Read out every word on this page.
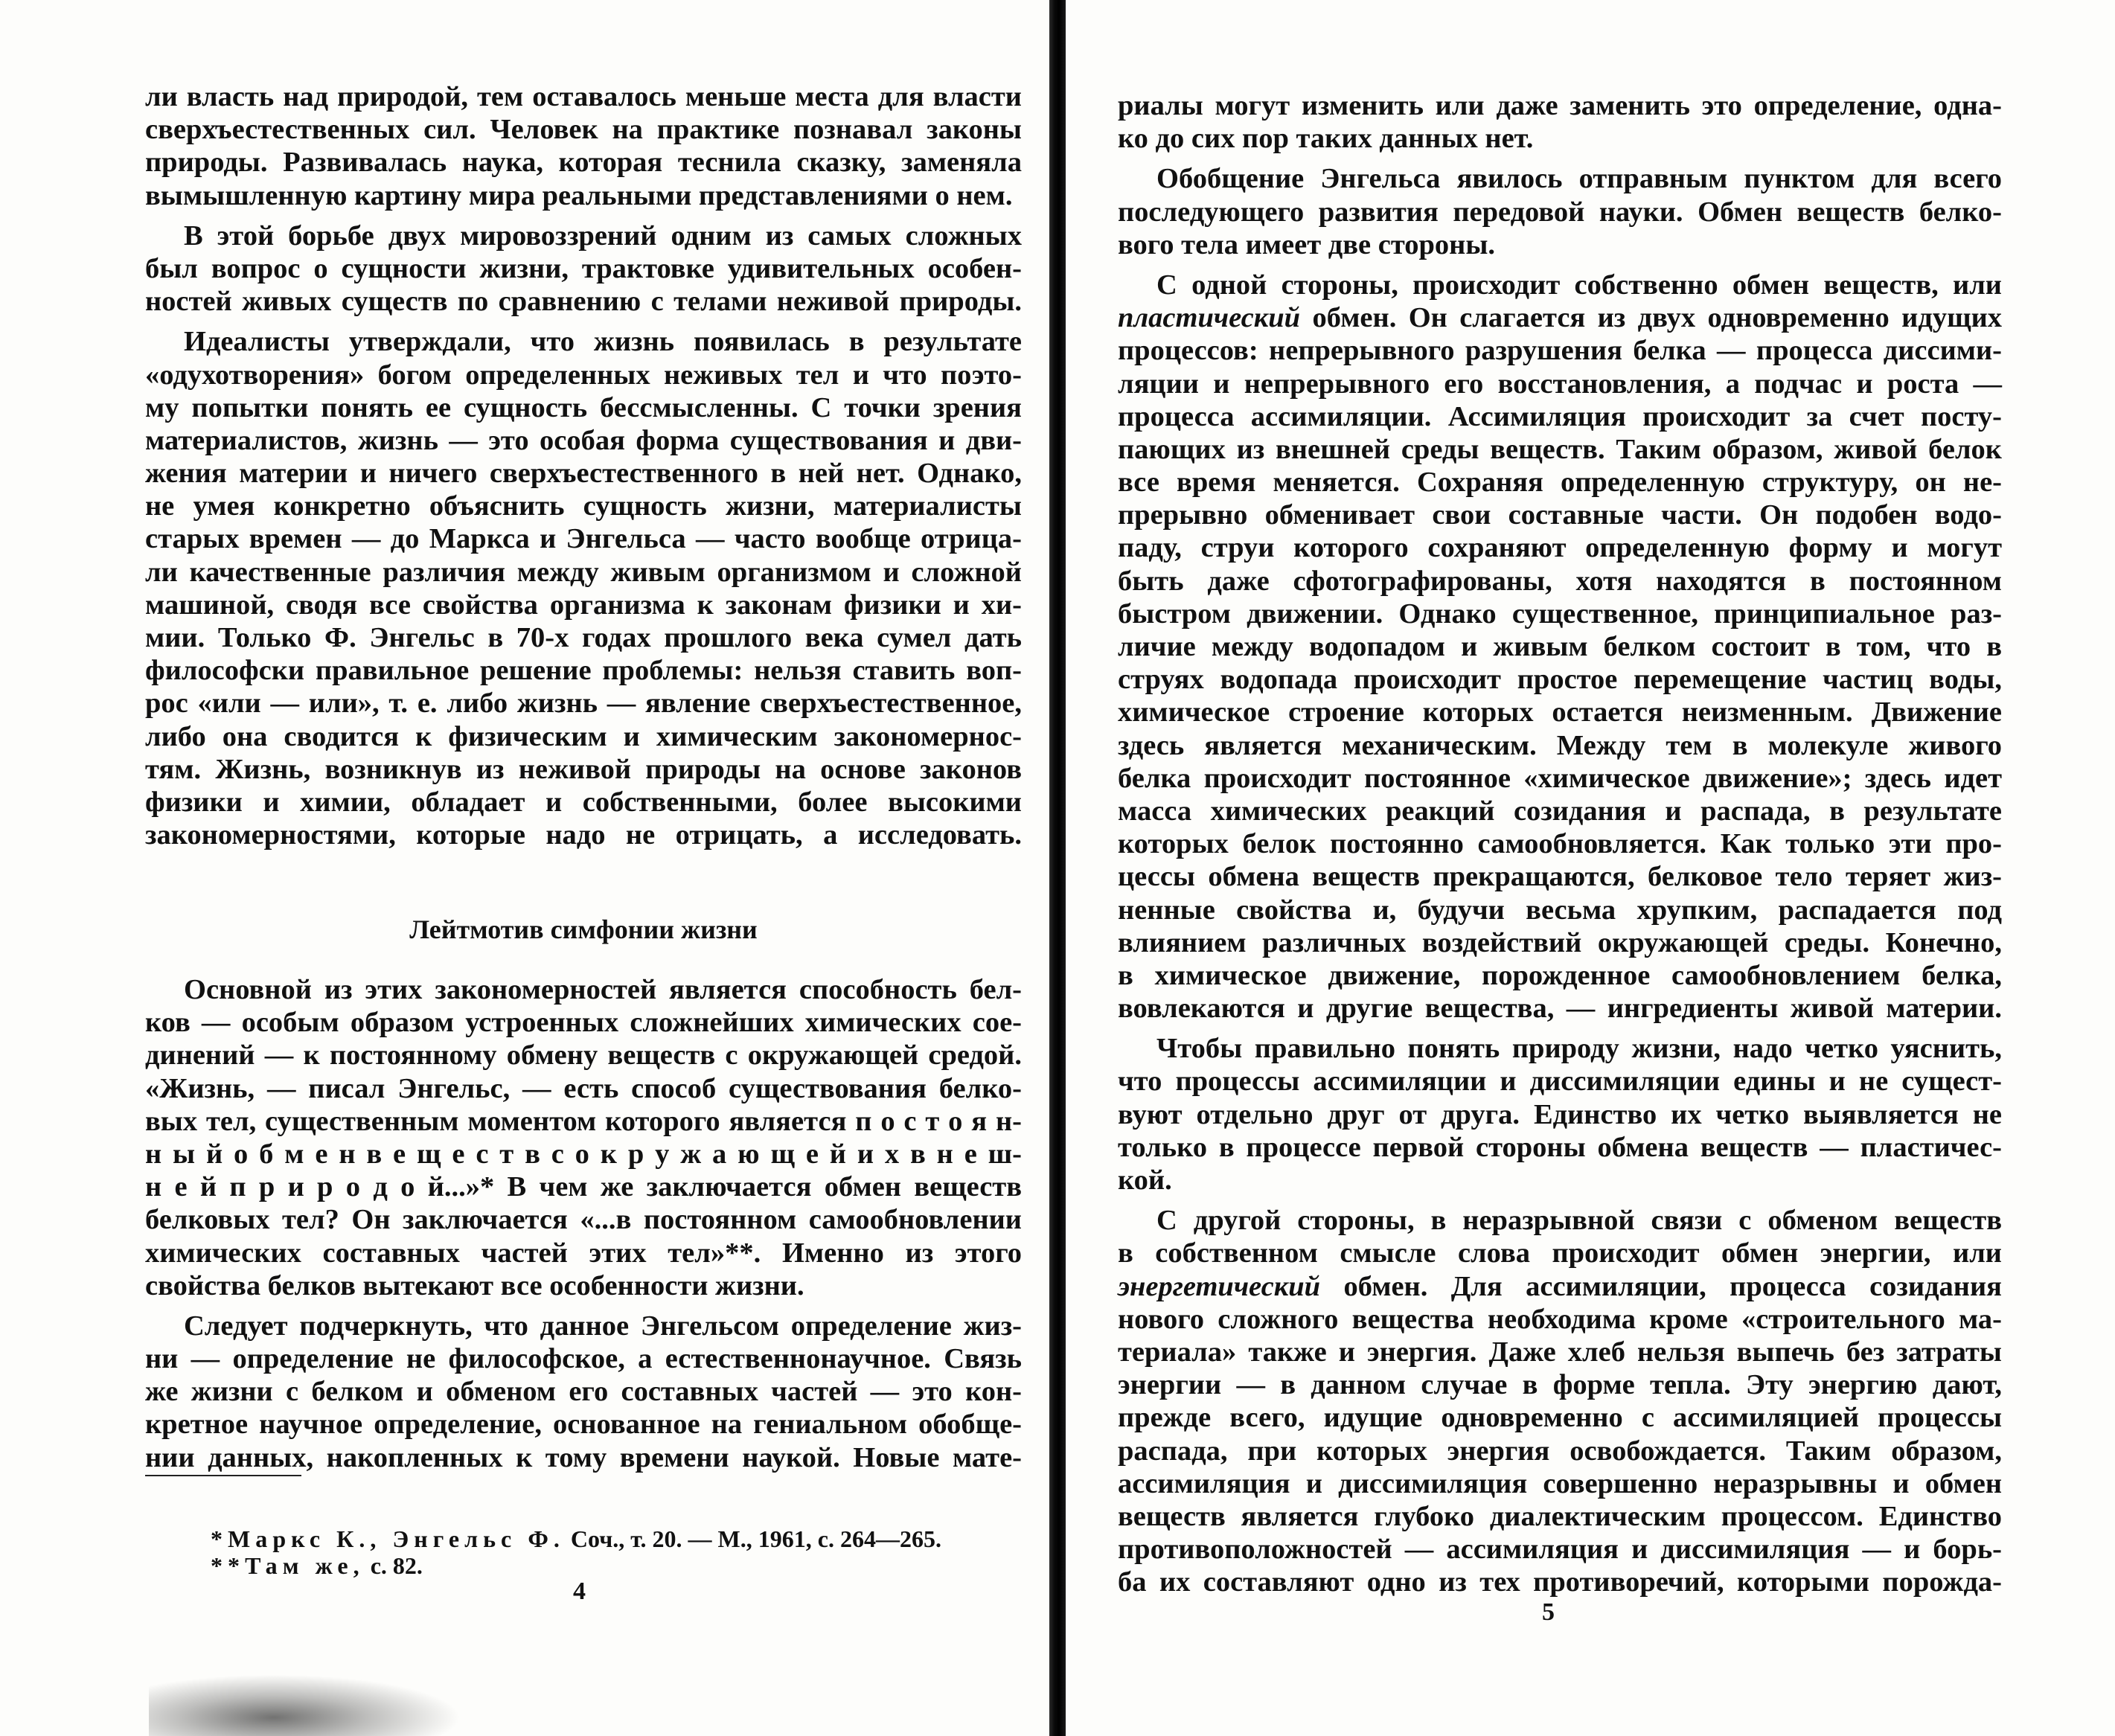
ли власть над природой, тем оставалось меньше места для власти
сверхъестественных сил. Человек на практике познавал законы
природы. Развивалась наука, которая теснила сказку, заменяла
вымышленную картину мира реальными представлениями о нем.
В этой борьбе двух мировоззрений одним из самых сложных
был вопрос о сущности жизни, трактовке удивительных особен-
ностей живых существ по сравнению с телами неживой природы.
Идеалисты утверждали, что жизнь появилась в результате
«одухотворения» богом определенных неживых тел и что поэто-
му попытки понять ее сущность бессмысленны. С точки зрения
материалистов, жизнь — это особая форма существования и дви-
жения материи и ничего сверхъестественного в ней нет. Однако,
не умея конкретно объяснить сущность жизни, материалисты
старых времен — до Маркса и Энгельса — часто вообще отрица-
ли качественные различия между живым организмом и сложной
машиной, сводя все свойства организма к законам физики и хи-
мии. Только Ф. Энгельс в 70-х годах прошлого века сумел дать
философски правильное решение проблемы: нельзя ставить воп-
рос «или — или», т. е. либо жизнь — явление сверхъестественное,
либо она сводится к физическим и химическим закономернос-
тям. Жизнь, возникнув из неживой природы на основе законов
физики и химии, обладает и собственными, более высокими
закономерностями, которые надо не отрицать, а исследовать.
Лейтмотив симфонии жизни
Основной из этих закономерностей является способность бел-
ков — особым образом устроенных сложнейших химических сое-
динений — к постоянному обмену веществ с окружающей средой.
«Жизнь, — писал Энгельс, — есть способ существования белко-
вых тел, существенным моментом которого является п о с т о я н-
н ы й о б м е н в е щ е с т в с о к р у ж а ю щ е й и х в н е ш-
н е й п р и р о д о й...»* В чем же заключается обмен веществ
белковых тел? Он заключается «...в постоянном самообновлении
химических составных частей этих тел»**. Именно из этого
свойства белков вытекают все особенности жизни.
Следует подчеркнуть, что данное Энгельсом определение жиз-
ни — определение не философское, а естественнонаучное. Связь
же жизни с белком и обменом его составных частей — это кон-
кретное научное определение, основанное на гениальном обобще-
нии данных, накопленных к тому времени наукой. Новые мате-
*Маркс К., Энгельс Ф. Соч., т. 20. — М., 1961, с. 264—265.
**Там же, с. 82.
4
риалы могут изменить или даже заменить это определение, одна-
ко до сих пор таких данных нет.
Обобщение Энгельса явилось отправным пунктом для всего
последующего развития передовой науки. Обмен веществ белко-
вого тела имеет две стороны.
С одной стороны, происходит собственно обмен веществ, или
пластический обмен. Он слагается из двух одновременно идущих
процессов: непрерывного разрушения белка — процесса диссими-
ляции и непрерывного его восстановления, а подчас и роста —
процесса ассимиляции. Ассимиляция происходит за счет посту-
пающих из внешней среды веществ. Таким образом, живой белок
все время меняется. Сохраняя определенную структуру, он не-
прерывно обменивает свои составные части. Он подобен водо-
паду, струи которого сохраняют определенную форму и могут
быть даже сфотографированы, хотя находятся в постоянном
быстром движении. Однако существенное, принципиальное раз-
личие между водопадом и живым белком состоит в том, что в
струях водопада происходит простое перемещение частиц воды,
химическое строение которых остается неизменным. Движение
здесь является механическим. Между тем в молекуле живого
белка происходит постоянное «химическое движение»; здесь идет
масса химических реакций созидания и распада, в результате
которых белок постоянно самообновляется. Как только эти про-
цессы обмена веществ прекращаются, белковое тело теряет жиз-
ненные свойства и, будучи весьма хрупким, распадается под
влиянием различных воздействий окружающей среды. Конечно,
в химическое движение, порожденное самообновлением белка,
вовлекаются и другие вещества, — ингредиенты живой материи.
Чтобы правильно понять природу жизни, надо четко уяснить,
что процессы ассимиляции и диссимиляции едины и не сущест-
вуют отдельно друг от друга. Единство их четко выявляется не
только в процессе первой стороны обмена веществ — пластичес-
кой.
С другой стороны, в неразрывной связи с обменом веществ
в собственном смысле слова происходит обмен энергии, или
энергетический обмен. Для ассимиляции, процесса созидания
нового сложного вещества необходима кроме «строительного ма-
териала» также и энергия. Даже хлеб нельзя выпечь без затраты
энергии — в данном случае в форме тепла. Эту энергию дают,
прежде всего, идущие одновременно с ассимиляцией процессы
распада, при которых энергия освобождается. Таким образом,
ассимиляция и диссимиляция совершенно неразрывны и обмен
веществ является глубоко диалектическим процессом. Единство
противоположностей — ассимиляция и диссимиляция — и борь-
ба их составляют одно из тех противоречий, которыми порожда-
5
